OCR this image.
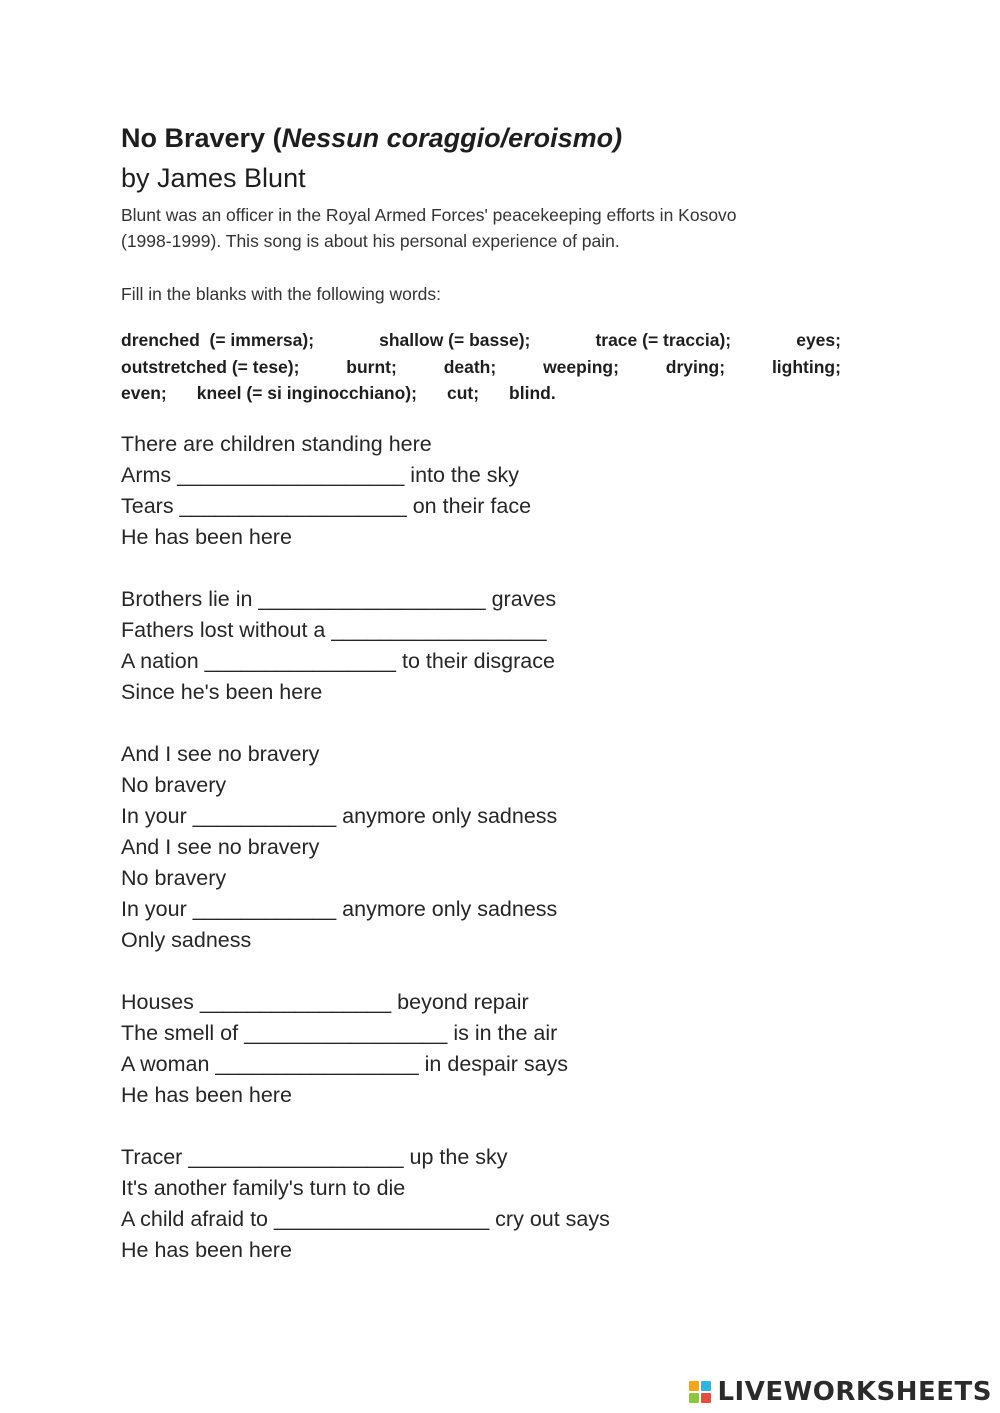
No Bravery (Nessun coraggio/eroismo)
by James Blunt

Blunt was an officer in the Royal Armed Forces' peacekeeping efforts in Kosovo
(1998-1999). This song is about his personal experience of pain.

Fill in the blanks with the following words:

drenched  (= immersa);	shallow (= basse);	trace (= traccia);	eyes;
outstretched (= tese);	burnt;	death;	weeping;	drying;	lighting;
even; kneel (= si inginocchiano); cut; blind.
There are children standing here
Arms ___________________ into the sky
Tears ___________________ on their face
He has been here
Brothers lie in ___________________ graves
Fathers lost without a __________________
A nation ________________ to their disgrace
Since he's been here
And I see no bravery
No bravery
In your ____________ anymore only sadness
And I see no bravery
No bravery
In your ____________ anymore only sadness
Only sadness
Houses ________________ beyond repair
The smell of _________________ is in the air
A woman _________________ in despair says
He has been here
Tracer __________________ up the sky
It's another family's turn to die
A child afraid to __________________ cry out says
He has been here
LIVEWORKSHEETS
